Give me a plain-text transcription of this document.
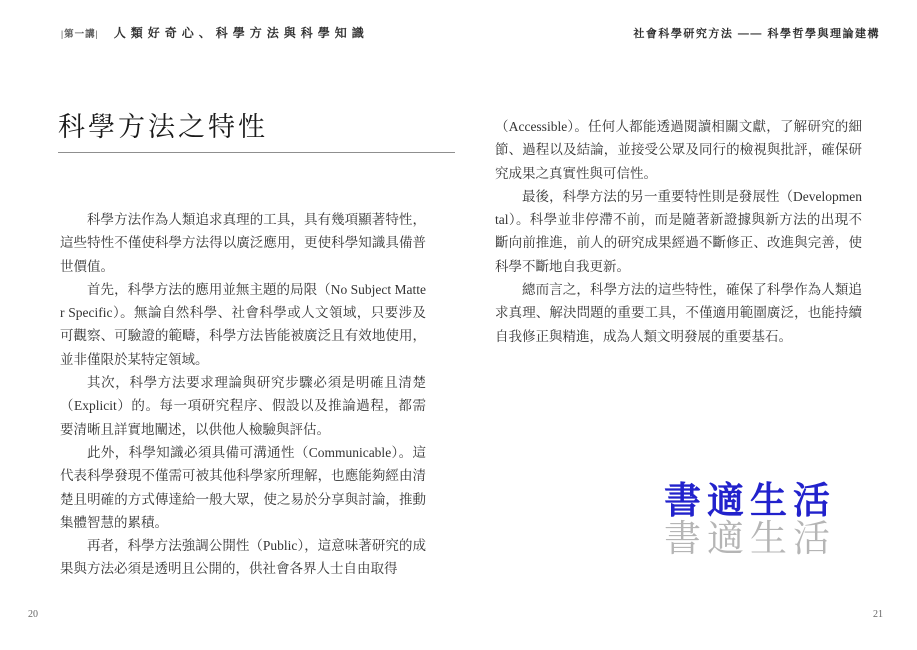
|第一講| 人類好奇心、科學方法與科學知識	社會科學研究方法 —— 科學哲學與理論建構
科學方法之特性

科學方法作為人類追求真理的工具，具有幾項顯著特性，這些特性不僅使科學方法得以廣泛應用，更使科學知識具備普世價值。

首先，科學方法的應用並無主題的局限（No Subject Matter Specific）。無論自然科學、社會科學或人文領域，只要涉及可觀察、可驗證的範疇，科學方法皆能被廣泛且有效地使用，並非僅限於某特定領域。

其次，科學方法要求理論與研究步驟必須是明確且清楚（Explicit）的。每一項研究程序、假設以及推論過程，都需要清晰且詳實地闡述，以供他人檢驗與評估。

此外，科學知識必須具備可溝通性（Communicable）。這代表科學發現不僅需可被其他科學家所理解，也應能夠經由清楚且明確的方式傳達給一般大眾，使之易於分享與討論，推動集體智慧的累積。

再者，科學方法強調公開性（Public），這意味著研究的成果與方法必須是透明且公開的，供社會各界人士自由取得

（Accessible）。任何人都能透過閱讀相關文獻，了解研究的細節、過程以及結論，並接受公眾及同行的檢視與批評，確保研究成果之真實性與可信性。

最後，科學方法的另一重要特性則是發展性（Developmental）。科學並非停滯不前，而是隨著新證據與新方法的出現不斷向前推進，前人的研究成果經過不斷修正、改進與完善，使科學不斷地自我更新。

總而言之，科學方法的這些特性，確保了科學作為人類追求真理、解決問題的重要工具，不僅適用範圍廣泛，也能持續自我修正與精進，成為人類文明發展的重要基石。

書適生活
書適生活
20	21
